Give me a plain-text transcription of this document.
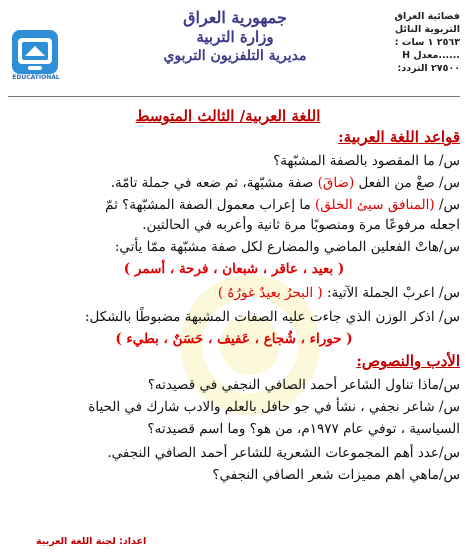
فضائية العراق
التربوية النائل
٢٥٦٣ ١ سات :
......معدل H
٢٧٥٠٠ التردد:
جمهورية العراق
وزارة التربية
مديرية التلفزيون التربوي
EDUCATIONAL
اللغة العربية/ الثالث المتوسط
قواعد اللغة العربية:
س/ ما المقصود بالصفة المشبّهة؟
س/ صغْ من الفعل (ضاقَ) صفة مشبّهة، ثم ضعه في جملة تامّة.
س/ (المنافق سيئ الخلق) ما إعراب معمول الصفة المشبّهة؟ ثمّ
اجعله مرفوعًا مرة ومنصوبًا مرة ثانية وأعربه في الحالتين.
س/هاتْ الفعلين الماضي والمضارع لكل صفة مشبّهة ممّا يأتي:
( بعيد ، عاقر ، شبعان ، فرحة ، أسمر )
س/ اعربْ الجملة الآتية: ( البحرُ بعيدٌ غورُهُ )
س/ اذكر الوزن الذي جاءت عليه الصفات المشبهة مضبوطًا بالشكل:
( حوراء ، شُجاع ، عَفيف ، حَسَنٌ ، بطيء )
الأدب والنصوص:
س/ماذا تناول الشاعر أحمد الصافي النجفي في قصيدته؟
س/ شاعر نجفي ، نشأ في جو حافل بالعلم والادب شارك في الحياة
السياسية ، توفي عام ١٩٧٧م، من هو؟ وما اسم قصيدته؟
س/عدد أهم المجموعات الشعرية للشاعر أحمد الصافي النجفي.
س/ماهي اهم مميزات شعر الصافي النجفي؟
اعداد: لجنة اللغة العربية
